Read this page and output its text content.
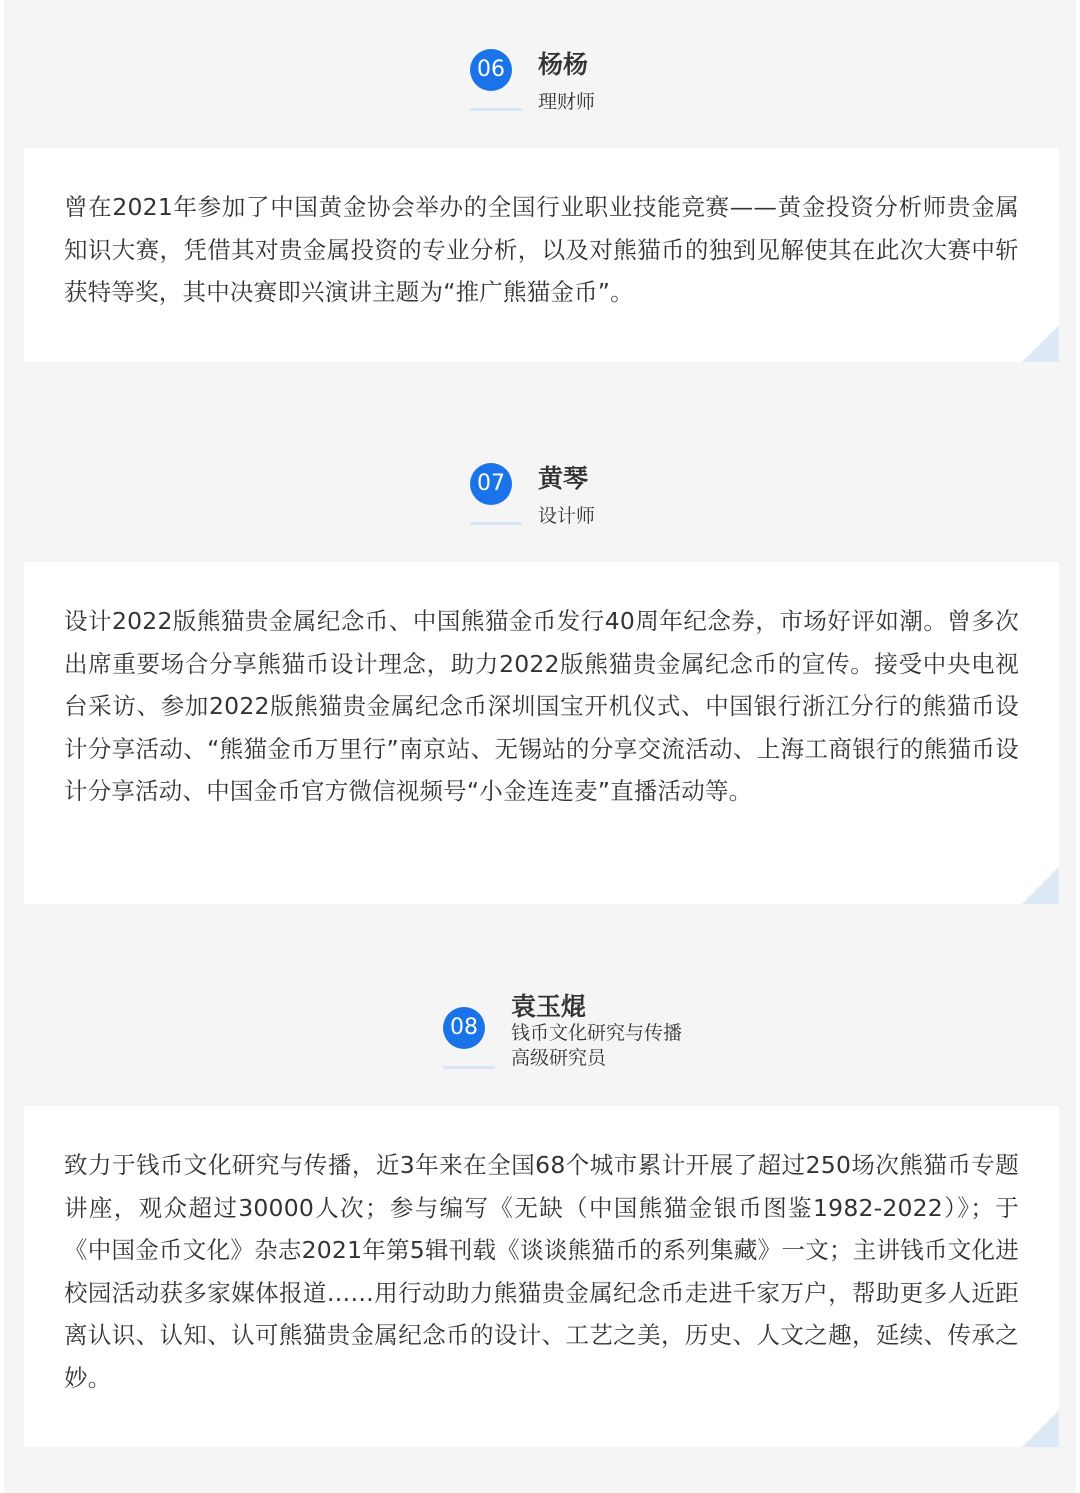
06 杨杨
理财师
曾在2021年参加了中国黄金协会举办的全国行业职业技能竞赛——黄金投资分析师贵金属知识大赛，凭借其对贵金属投资的专业分析，以及对熊猫币的独到见解使其在此次大赛中斩获特等奖，其中决赛即兴演讲主题为“推广熊猫金币”。
07 黄琴
设计师
设计2022版熊猫贵金属纪念币、中国熊猫金币发行40周年纪念券，市场好评如潮。曾多次出席重要场合分享熊猫币设计理念，助力2022版熊猫贵金属纪念币的宣传。接受中央电视台采访、参加2022版熊猫贵金属纪念币深圳国宝开机仪式、中国银行浙江分行的熊猫币设计分享活动、“熊猫金币万里行”南京站、无锡站的分享交流活动、上海工商银行的熊猫币设计分享活动、中国金币官方微信视频号“小金连连麦”直播活动等。
08
袁玉焜
钱币文化研究与传播
高级研究员
致力于钱币文化研究与传播，近3年来在全国68个城市累计开展了超过250场次熊猫币专题讲座，观众超过30000人次；参与编写《无缺（中国熊猫金银币图鉴1982-2022）》；于《中国金币文化》杂志2021年第5辑刊载《谈谈熊猫币的系列集藏》一文；主讲钱币文化进校园活动获多家媒体报道……用行动助力熊猫贵金属纪念币走进千家万户，帮助更多人近距离认识、认知、认可熊猫贵金属纪念币的设计、工艺之美，历史、人文之趣，延续、传承之妙。
